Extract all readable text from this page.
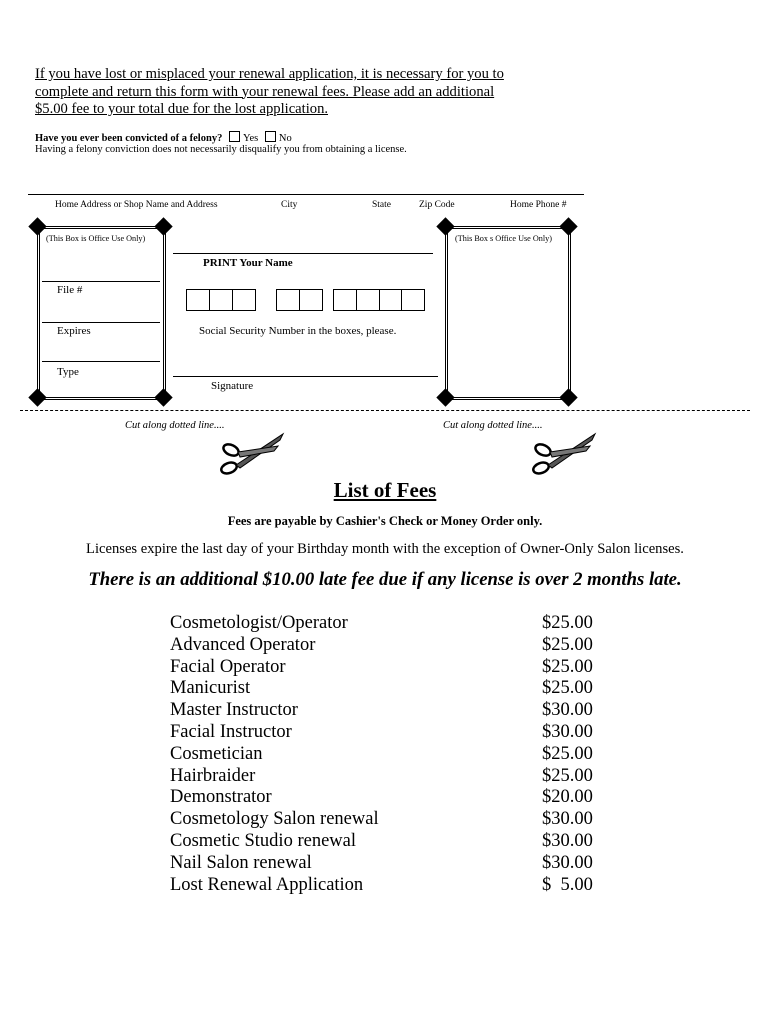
If you have lost or misplaced your renewal application, it is necessary for you to
complete and return this form with your renewal fees. Please add an additional
$5.00 fee to your total due for the lost application.
Have you ever been convicted of a felony? Yes No
Having a felony conviction does not necessarily disqualify you from obtaining a license.
Home Address or Shop Name and Address	City	State	Zip Code	Home Phone #
(This Box is Office Use Only)
File #
Expires
Type
PRINT Your Name
Social Security Number in the boxes, please.
Signature
(This Box s Office Use Only)
Cut along dotted line....	Cut along dotted line....
List of Fees
Fees are payable by Cashier's Check or Money Order only.
Licenses expire the last day of your Birthday month with the exception of Owner-Only Salon licenses.
There is an additional $10.00 late fee due if any license is over 2 months late.
Cosmetologist/Operator	$25.00
Advanced Operator	$25.00
Facial Operator	$25.00
Manicurist	$25.00
Master Instructor	$30.00
Facial Instructor	$30.00
Cosmetician	$25.00
Hairbraider	$25.00
Demonstrator	$20.00
Cosmetology Salon renewal	$30.00
Cosmetic Studio renewal	$30.00
Nail Salon renewal	$30.00
Lost Renewal Application	$  5.00
